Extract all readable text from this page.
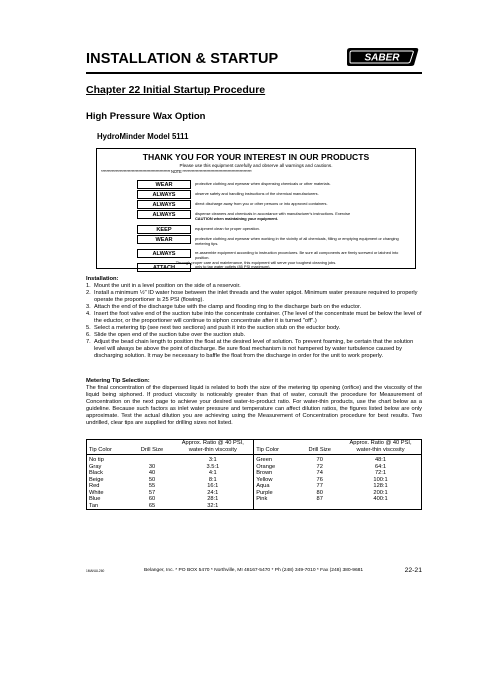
INSTALLATION & STARTUP	SABER
Chapter 22 Initial Startup Procedure
High Pressure Wax Option
HydroMinder Model 5111
THANK YOU FOR YOUR INTEREST IN OUR PRODUCTS
Please use this equipment carefully and observe all warnings and cautions.
**************************************************** NOTE ****************************************************
WEAR	protective clothing and eyewear when dispensing chemicals or other materials.
ALWAYS	observe safety and handling instructions of the chemical manufacturers.
ALWAYS	direct discharge away from you or other persons or into approved containers.
ALWAYS	dispense cleaners and chemicals in accordance with manufacturer's instructions. Exercise
CAUTION when maintaining your equipment.
KEEP	equipment clean for proper operation.
WEAR	protective clothing and eyewear when working in the vicinity of all chemicals, filling or emptying equipment or changing metering tips.
ALWAYS	re-assemble equipment according to instruction procedures. Be sure all components are firmly screwed or latched into position.
ATTACH	only to tap water outlets (85 PSI maximum).
Through proper care and maintenance, this equipment will serve your toughest cleaning jobs.
Installation:
1. Mount the unit in a level position on the side of a reservoir.
2. Install a minimum ½" ID water hose between the inlet threads and the water spigot. Minimum water pressure required to properly operate the proportioner is 25 PSI (flowing).
3. Attach the end of the discharge tube with the clamp and flooding ring to the discharge barb on the eductor.
4. Insert the foot valve end of the suction tube into the concentrate container. (The level of the concentrate must be below the level of the eductor, or the proportioner will continue to siphon concentrate after it is turned "off".)
5. Select a metering tip (see next two sections) and push it into the suction stub on the eductor body.
6. Slide the open end of the suction tube over the suction stub.
7. Adjust the bead chain length to position the float at the desired level of solution. To prevent foaming, be certain that the solution level will always be above the point of discharge. Be sure float mechanism is not hampered by water turbulence caused by discharging solution. It may be necessary to baffle the float from the discharge in order for the unit to work properly.
Metering Tip Selection:
The final concentration of the dispensed liquid is related to both the size of the metering tip opening (orifice) and the viscosity of the liquid being siphoned. If product viscosity is noticeably greater than that of water, consult the procedure for Measurement of Concentration on the next page to achieve your desired water-to-product ratio. For water-thin products, use the chart below as a guideline. Because such factors as inlet water pressure and temperature can affect dilution ratios, the figures listed below are only approximate. Test the actual dilution you are achieving using the Measurement of Concentration procedure for best results. Two undrilled, clear tips are supplied for drilling sizes not listed.
Tip Color	Drill Size	Approx. Ratio @ 40 PSI, water-thin viscosity	Tip Color	Drill Size	Approx. Ratio @ 40 PSI, water-thin viscosity
No tip		3:1	Green	70	48:1
Gray	30	3.5:1	Orange	72	64:1
Black	40	4:1	Brown	74	72:1
Beige	50	8:1	Yellow	76	100:1
Red	55	16:1	Aqua	77	128:1
White	57	24:1	Purple	80	200:1
Blue	60	28:1	Pink	87	400:1
Tan	65	32:1			
1MANUL260	Belanger, Inc. * PO BOX 5470 * Northville, MI 48167-5470 * Ph (248) 349-7010 * Fax (248) 380-9681	22-21
